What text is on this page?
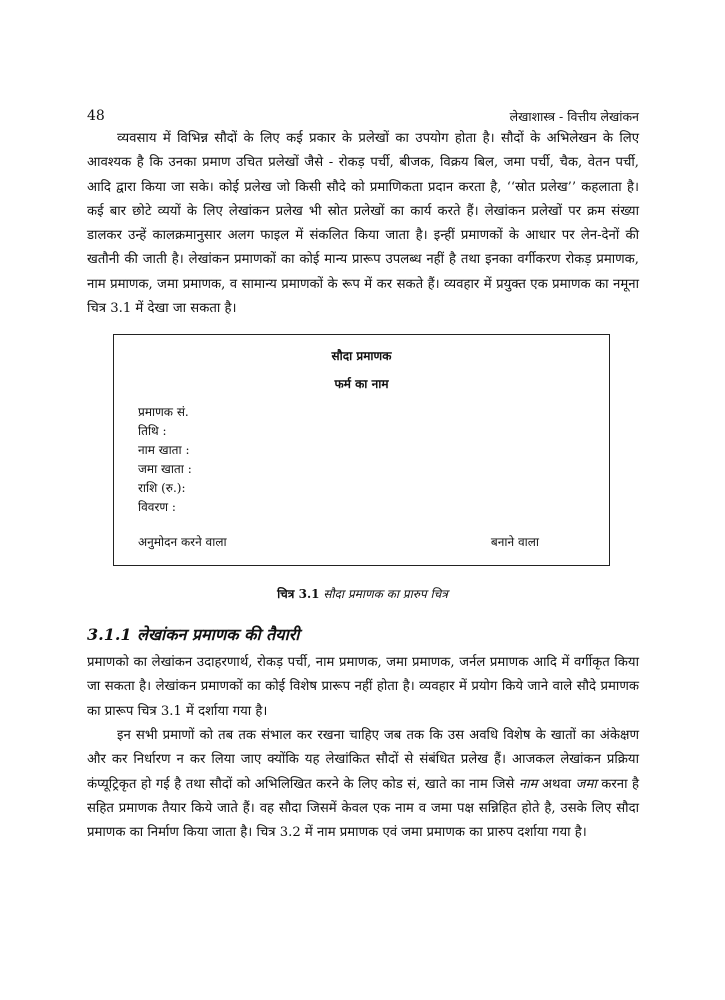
48	लेखाशास्त्र - वित्तीय लेखांकन

व्यवसाय में विभिन्न सौदों के लिए कई प्रकार के प्रलेखों का उपयोग होता है। सौदों के अभिलेखन के लिए आवश्यक है कि उनका प्रमाण उचित प्रलेखों जैसे - रोकड़ पर्ची, बीजक, विक्रय बिल, जमा पर्ची, चैक, वेतन पर्ची, आदि द्वारा किया जा सके। कोई प्रलेख जो किसी सौदे को प्रमाणिकता प्रदान करता है, ‘‘स्रोत प्रलेख’’ कहलाता है। कई बार छोटे व्ययों के लिए लेखांकन प्रलेख भी स्रोत प्रलेखों का कार्य करते हैं। लेखांकन प्रलेखों पर क्रम संख्या डालकर उन्हें कालक्रमानुसार अलग फाइल में संकलित किया जाता है। इन्हीं प्रमाणकों के आधार पर लेन-देनों की खतौनी की जाती है। लेखांकन प्रमाणकों का कोई मान्य प्रारूप उपलब्ध नहीं है तथा इनका वर्गीकरण रोकड़ प्रमाणक, नाम प्रमाणक, जमा प्रमाणक, व सामान्य प्रमाणकों के रूप में कर सकते हैं। व्यवहार में प्रयुक्त एक प्रमाणक का नमूना चित्र 3.1 में देखा जा सकता है।

सौदा प्रमाणक
फर्म का नाम
प्रमाणक सं.
तिथि :
नाम खाता :
जमा खाता :
राशि (रु.):
विवरण :
अनुमोदन करने वाला	बनाने वाला
चित्र 3.1 सौदा प्रमाणक का प्रारुप चित्र
3.1.1 लेखांकन प्रमाणक की तैयारी

प्रमाणको का लेखांकन उदाहरणार्थ, रोकड़ पर्ची, नाम प्रमाणक, जमा प्रमाणक, जर्नल प्रमाणक आदि में वर्गीकृत किया जा सकता है। लेखांकन प्रमाणकों का कोई विशेष प्रारूप नहीं होता है। व्यवहार में प्रयोग किये जाने वाले सौदे प्रमाणक का प्रारूप चित्र 3.1 में दर्शाया गया है।

इन सभी प्रमाणों को तब तक संभाल कर रखना चाहिए जब तक कि उस अवधि विशेष के खातों का अंकेक्षण और कर निर्धारण न कर लिया जाए क्योंकि यह लेखांकित सौदों से संबंधित प्रलेख हैं। आजकल लेखांकन प्रक्रिया कंप्यूट्रिकृत हो गई है तथा सौदों को अभिलिखित करने के लिए कोड सं, खाते का नाम जिसे नाम अथवा जमा करना है सहित प्रमाणक तैयार किये जाते हैं। वह सौदा जिसमें केवल एक नाम व जमा पक्ष सन्निहित होते है, उसके लिए सौदा प्रमाणक का निर्माण किया जाता है। चित्र 3.2 में नाम प्रमाणक एवं जमा प्रमाणक का प्रारुप दर्शाया गया है।
